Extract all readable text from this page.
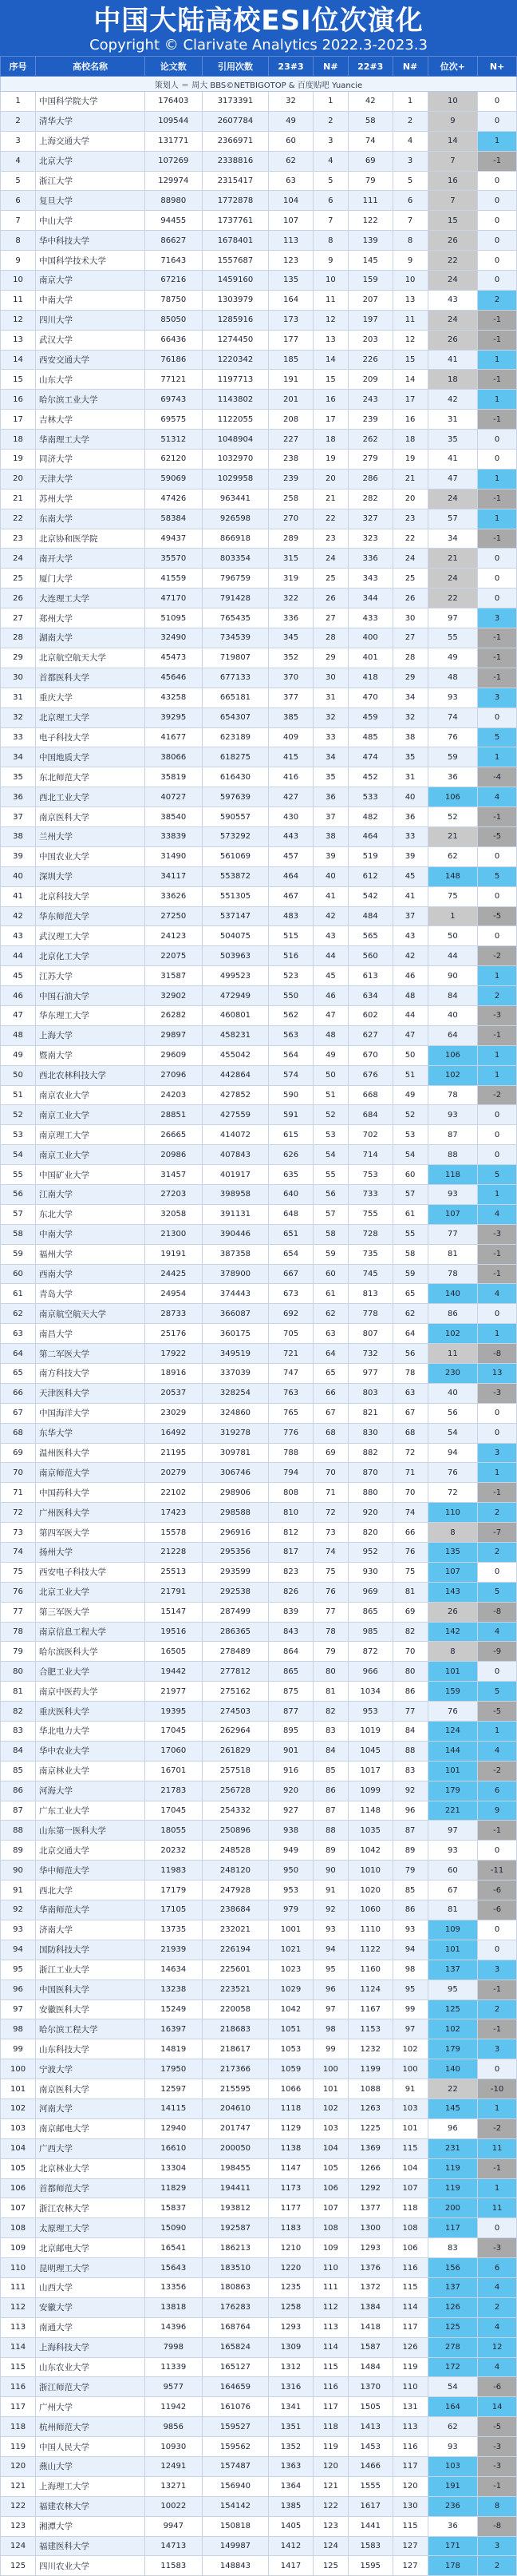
中国大陆高校ESI位次演化
Copyright © Clarivate Analytics 2022.3-2023.3
序号	高校名称	论文数	引用次数	23#3	N#	22#3	N#	位次+	N+
策划人 ＝ 周大 BBS©NETBIGOTOP & 百度贴吧 Yuancie									
1	中国科学院大学	176403	3173391	32	1	42	1	10	0
2	清华大学	109544	2607784	49	2	58	2	9	0
3	上海交通大学	131771	2366971	60	3	74	4	14	1
4	北京大学	107269	2338816	62	4	69	3	7	-1
5	浙江大学	129974	2315417	63	5	79	5	16	0
6	复旦大学	88980	1772878	104	6	111	6	7	0
7	中山大学	94455	1737761	107	7	122	7	15	0
8	华中科技大学	86627	1678401	113	8	139	8	26	0
9	中国科学技术大学	71643	1557687	123	9	145	9	22	0
10	南京大学	67216	1459160	135	10	159	10	24	0
11	中南大学	78750	1303979	164	11	207	13	43	2
12	四川大学	85050	1285916	173	12	197	11	24	-1
13	武汉大学	66436	1274450	177	13	203	12	26	-1
14	西安交通大学	76186	1220342	185	14	226	15	41	1
15	山东大学	77121	1197713	191	15	209	14	18	-1
16	哈尔滨工业大学	69743	1143802	201	16	243	17	42	1
17	吉林大学	69575	1122055	208	17	239	16	31	-1
18	华南理工大学	51312	1048904	227	18	262	18	35	0
19	同济大学	62120	1032970	238	19	279	19	41	0
20	天津大学	59069	1029958	239	20	286	21	47	1
21	苏州大学	47426	963441	258	21	282	20	24	-1
22	东南大学	58384	926598	270	22	327	23	57	1
23	北京协和医学院	49437	866918	289	23	323	22	34	-1
24	南开大学	35570	803354	315	24	336	24	21	0
25	厦门大学	41559	796759	319	25	343	25	24	0
26	大连理工大学	47170	791428	322	26	344	26	22	0
27	郑州大学	51095	765435	336	27	433	30	97	3
28	湖南大学	32490	734539	345	28	400	27	55	-1
29	北京航空航天大学	45473	719807	352	29	401	28	49	-1
30	首都医科大学	45646	677133	370	30	418	29	48	-1
31	重庆大学	43258	665181	377	31	470	34	93	3
32	北京理工大学	39295	654307	385	32	459	32	74	0
33	电子科技大学	41677	623189	409	33	485	38	76	5
34	中国地质大学	38066	618275	415	34	474	35	59	1
35	东北师范大学	35819	616430	416	35	452	31	36	-4
36	西北工业大学	40727	597639	427	36	533	40	106	4
37	南京医科大学	38540	590557	430	37	482	36	52	-1
38	兰州大学	33839	573292	443	38	464	33	21	-5
39	中国农业大学	31490	561069	457	39	519	39	62	0
40	深圳大学	34117	553872	464	40	612	45	148	5
41	北京科技大学	33626	551305	467	41	542	41	75	0
42	华东师范大学	27250	537147	483	42	484	37	1	-5
43	武汉理工大学	24123	504075	515	43	565	43	50	0
44	北京化工大学	22075	503963	516	44	560	42	44	-2
45	江苏大学	31587	499523	523	45	613	46	90	1
46	中国石油大学	32902	472949	550	46	634	48	84	2
47	华东理工大学	26282	460801	562	47	602	44	40	-3
48	上海大学	29897	458231	563	48	627	47	64	-1
49	暨南大学	29609	455042	564	49	670	50	106	1
50	西北农林科技大学	27096	442864	574	50	676	51	102	1
51	南京农业大学	24203	427852	590	51	668	49	78	-2
52	南京工业大学	28851	427559	591	52	684	52	93	0
53	南京理工大学	26665	414072	615	53	702	53	87	0
54	南京工业大学	20986	407843	626	54	714	54	88	0
55	中国矿业大学	31457	401917	635	55	753	60	118	5
56	江南大学	27203	398958	640	56	733	57	93	1
57	东北大学	32058	391131	648	57	755	61	107	4
58	中南大学	21300	390446	651	58	728	55	77	-3
59	福州大学	19191	387358	654	59	735	58	81	-1
60	西南大学	24425	378900	667	60	745	59	78	-1
61	青岛大学	24954	374443	673	61	813	65	140	4
62	南京航空航天大学	28733	366087	692	62	778	62	86	0
63	南昌大学	25176	360175	705	63	807	64	102	1
64	第二军医大学	17922	349519	721	64	732	56	11	-8
65	南方科技大学	18916	337039	747	65	977	78	230	13
66	天津医科大学	20537	328254	763	66	803	63	40	-3
67	中国海洋大学	23029	324860	765	67	821	67	56	0
68	东华大学	16492	319278	776	68	830	68	54	0
69	温州医科大学	21195	309781	788	69	882	72	94	3
70	南京师范大学	20279	306746	794	70	870	71	76	1
71	中国药科大学	22102	298906	808	71	880	70	72	-1
72	广州医科大学	17423	298588	810	72	920	74	110	2
73	第四军医大学	15578	296916	812	73	820	66	8	-7
74	扬州大学	21228	295356	817	74	952	76	135	2
75	西安电子科技大学	25513	293599	823	75	930	75	107	0
76	北京工业大学	21791	292538	826	76	969	81	143	5
77	第三军医大学	15147	287499	839	77	865	69	26	-8
78	南京信息工程大学	19516	286365	843	78	985	82	142	4
79	哈尔滨医科大学	16505	278489	864	79	872	70	8	-9
80	合肥工业大学	19442	277812	865	80	966	80	101	0
81	南京中医药大学	21977	275162	875	81	1034	86	159	5
82	重庆医科大学	19395	274503	877	82	953	77	76	-5
83	华北电力大学	17045	262964	895	83	1019	84	124	1
84	华中农业大学	17060	261829	901	84	1045	88	144	4
85	南京林业大学	16701	257518	916	85	1017	83	101	-2
86	河海大学	21783	256728	920	86	1099	92	179	6
87	广东工业大学	17045	254332	927	87	1148	96	221	9
88	山东第一医科大学	18055	250896	938	88	1035	87	97	-1
89	北京交通大学	20232	248528	949	89	1042	89	93	0
90	华中师范大学	11983	248120	950	90	1010	79	60	-11
91	西北大学	17179	247928	953	91	1020	85	67	-6
92	华南师范大学	17105	238684	979	92	1060	86	81	-6
93	济南大学	13735	232021	1001	93	1110	93	109	0
94	国防科技大学	21939	226194	1021	94	1122	94	101	0
95	浙江工业大学	14634	225601	1023	95	1160	98	137	3
96	中国医科大学	13238	223521	1029	96	1124	95	95	-1
97	安徽医科大学	15249	220058	1042	97	1167	99	125	2
98	哈尔滨工程大学	16397	218683	1051	98	1153	97	102	-1
99	山东科技大学	14819	218617	1053	99	1232	102	179	3
100	宁波大学	17950	217366	1059	100	1199	100	140	0
101	南京医科大学	12597	215595	1066	101	1088	91	22	-10
102	河南大学	14115	204610	1118	102	1263	103	145	1
103	南京邮电大学	12940	201747	1129	103	1225	101	96	-2
104	广西大学	16610	200050	1138	104	1369	115	231	11
105	北京林业大学	13304	198455	1147	105	1266	104	119	-1
106	首都师范大学	11829	194411	1173	106	1292	107	119	1
107	浙江农林大学	15837	193812	1177	107	1377	118	200	11
108	太原理工大学	15090	192587	1183	108	1300	108	117	0
109	北京邮电大学	16541	186213	1210	109	1293	106	83	-3
110	昆明理工大学	15643	183510	1220	110	1376	116	156	6
111	山西大学	13356	180863	1235	111	1372	115	137	4
112	安徽大学	13818	176283	1258	112	1384	114	126	2
113	南通大学	14396	168764	1293	113	1418	117	125	4
114	上海科技大学	7998	165824	1309	114	1587	126	278	12
115	山东农业大学	11339	165127	1312	115	1484	119	172	4
116	浙江师范大学	9577	164659	1316	116	1370	110	54	-6
117	广州大学	11942	161076	1341	117	1505	131	164	14
118	杭州师范大学	9856	159527	1351	118	1413	113	62	-5
119	中国人民大学	10930	159562	1352	119	1453	116	93	-3
120	燕山大学	12491	157487	1363	120	1466	117	103	-3
121	上海理工大学	13271	156940	1364	121	1555	120	191	-1
122	福建农林大学	10022	154142	1385	122	1617	130	236	8
123	湘潭大学	9947	150818	1405	123	1441	115	36	-8
124	福建医科大学	14713	149987	1412	124	1583	127	171	3
125	四川农业大学	11583	148843	1417	125	1595	127	178	2
